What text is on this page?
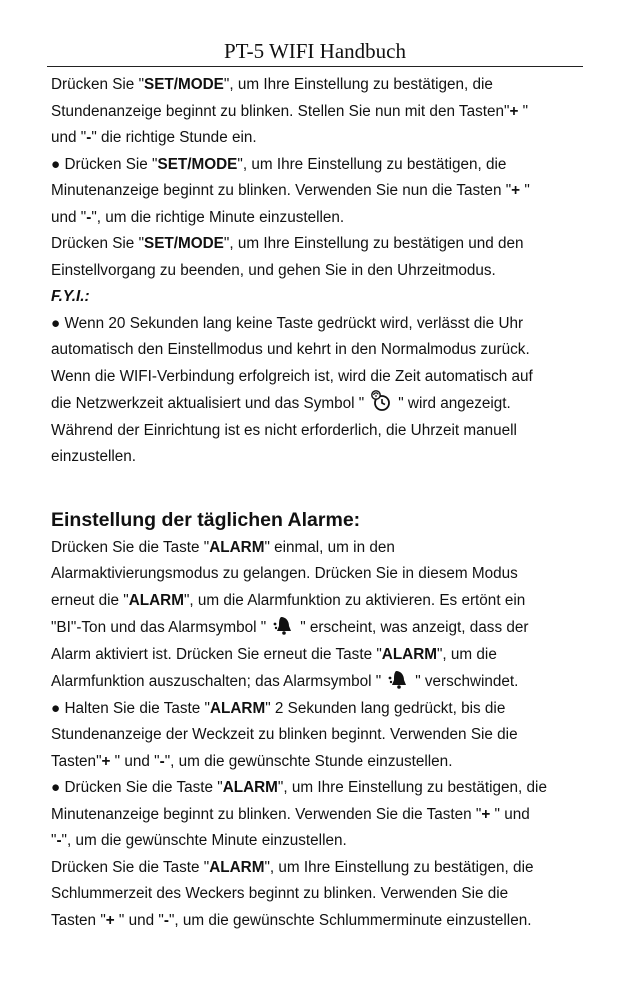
PT-5 WIFI Handbuch
Drücken Sie "SET/MODE", um Ihre Einstellung zu bestätigen, die
Stundenanzeige beginnt zu blinken. Stellen Sie nun mit den Tasten"+ "
und "-" die richtige Stunde ein.
● Drücken Sie "SET/MODE", um Ihre Einstellung zu bestätigen, die
Minutenanzeige beginnt zu blinken. Verwenden Sie nun die Tasten "+ "
und "-", um die richtige Minute einzustellen.
Drücken Sie "SET/MODE", um Ihre Einstellung zu bestätigen und den
Einstellvorgang zu beenden, und gehen Sie in den Uhrzeitmodus.
F.Y.I.:
● Wenn 20 Sekunden lang keine Taste gedrückt wird, verlässt die Uhr
automatisch den Einstellmodus und kehrt in den Normalmodus zurück.
Wenn die WIFI-Verbindung erfolgreich ist, wird die Zeit automatisch auf
die Netzwerkzeit aktualisiert und das Symbol " " wird angezeigt.
Während der Einrichtung ist es nicht erforderlich, die Uhrzeit manuell
einzustellen.
Einstellung der täglichen Alarme:
Drücken Sie die Taste "ALARM" einmal, um in den
Alarmaktivierungsmodus zu gelangen. Drücken Sie in diesem Modus
erneut die "ALARM", um die Alarmfunktion zu aktivieren. Es ertönt ein
"BI"-Ton und das Alarmsymbol " " erscheint, was anzeigt, dass der
Alarm aktiviert ist. Drücken Sie erneut die Taste "ALARM", um die
Alarmfunktion auszuschalten; das Alarmsymbol " " verschwindet.
● Halten Sie die Taste "ALARM" 2 Sekunden lang gedrückt, bis die
Stundenanzeige der Weckzeit zu blinken beginnt. Verwenden Sie die
Tasten"+ " und "-", um die gewünschte Stunde einzustellen.
● Drücken Sie die Taste "ALARM", um Ihre Einstellung zu bestätigen, die
Minutenanzeige beginnt zu blinken. Verwenden Sie die Tasten "+ " und
"-", um die gewünschte Minute einzustellen.
Drücken Sie die Taste "ALARM", um Ihre Einstellung zu bestätigen, die
Schlummerzeit des Weckers beginnt zu blinken. Verwenden Sie die
Tasten "+ " und "-", um die gewünschte Schlummerminute einzustellen.
